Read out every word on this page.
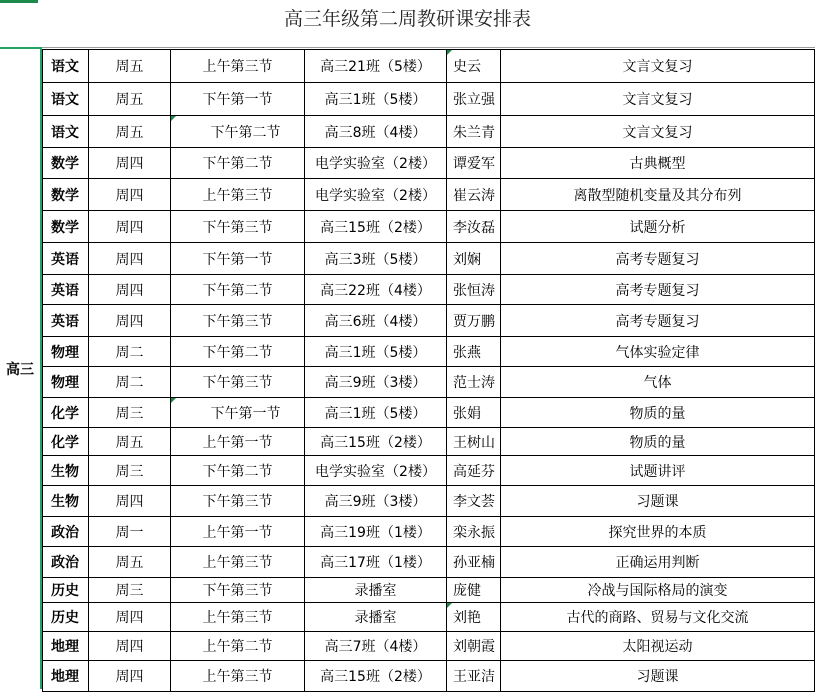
高三年级第二周教研课安排表
高三
语文	周五	上午第三节	高三21班（5楼）	史云	文言文复习
语文	周五	下午第一节	高三1班（5楼）	张立强	文言文复习
语文	周五	下午第二节	高三8班（4楼）	朱兰青	文言文复习
数学	周四	下午第二节	电学实验室（2楼）	谭爱军	古典概型
数学	周四	上午第三节	电学实验室（2楼）	崔云涛	离散型随机变量及其分布列
数学	周四	下午第三节	高三15班（2楼）	李汝磊	试题分析
英语	周四	下午第一节	高三3班（5楼）	刘娴	高考专题复习
英语	周四	下午第二节	高三22班（4楼）	张恒涛	高考专题复习
英语	周四	下午第三节	高三6班（4楼）	贾万鹏	高考专题复习
物理	周二	下午第二节	高三1班（5楼）	张燕	气体实验定律
物理	周二	下午第三节	高三9班（3楼）	范士涛	气体
化学	周三	下午第一节	高三1班（5楼）	张娟	物质的量
化学	周五	上午第一节	高三15班（2楼）	王树山	物质的量
生物	周三	下午第二节	电学实验室（2楼）	高延芬	试题讲评
生物	周四	下午第三节	高三9班（3楼）	李文荟	习题课
政治	周一	上午第一节	高三19班（1楼）	栾永振	探究世界的本质
政治	周五	上午第三节	高三17班（1楼）	孙亚楠	正确运用判断
历史	周三	下午第三节	录播室	庞健	冷战与国际格局的演变
历史	周四	上午第三节	录播室	刘艳	古代的商路、贸易与文化交流
地理	周四	上午第二节	高三7班（4楼）	刘朝霞	太阳视运动
地理	周四	上午第三节	高三15班（2楼）	王亚洁	习题课
